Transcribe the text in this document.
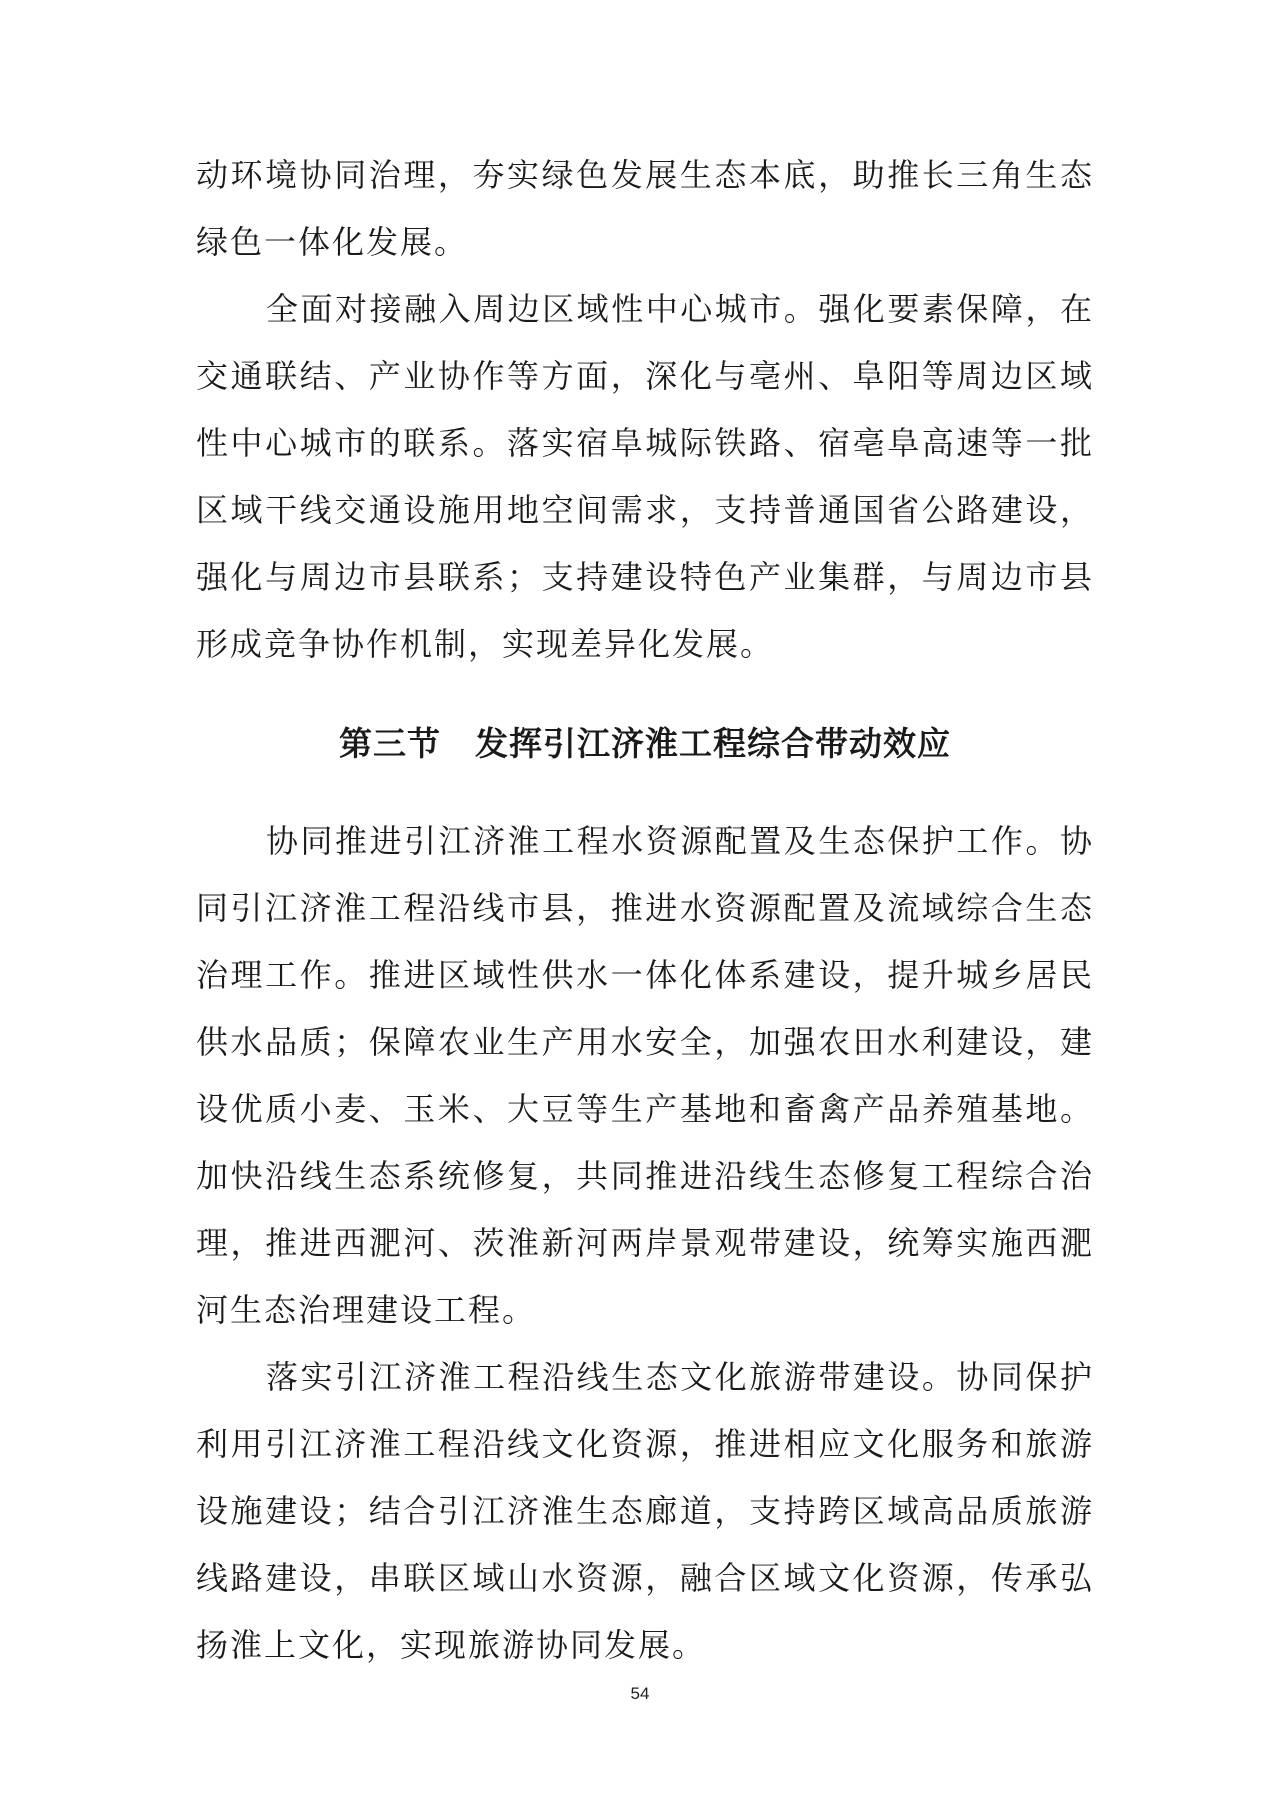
动环境协同治理，夯实绿色发展生态本底，助推长三角生态绿色一体化发展。

全面对接融入周边区域性中心城市。强化要素保障，在交通联结、产业协作等方面，深化与亳州、阜阳等周边区域性中心城市的联系。落实宿阜城际铁路、宿亳阜高速等一批区域干线交通设施用地空间需求，支持普通国省公路建设，强化与周边市县联系；支持建设特色产业集群，与周边市县形成竞争协作机制，实现差异化发展。

第三节　发挥引江济淮工程综合带动效应

协同推进引江济淮工程水资源配置及生态保护工作。协同引江济淮工程沿线市县，推进水资源配置及流域综合生态治理工作。推进区域性供水一体化体系建设，提升城乡居民供水品质；保障农业生产用水安全，加强农田水利建设，建设优质小麦、玉米、大豆等生产基地和畜禽产品养殖基地。加快沿线生态系统修复，共同推进沿线生态修复工程综合治理，推进西淝河、茨淮新河两岸景观带建设，统筹实施西淝河生态治理建设工程。

落实引江济淮工程沿线生态文化旅游带建设。协同保护利用引江济淮工程沿线文化资源，推进相应文化服务和旅游设施建设；结合引江济淮生态廊道，支持跨区域高品质旅游线路建设，串联区域山水资源，融合区域文化资源，传承弘扬淮上文化，实现旅游协同发展。

54
